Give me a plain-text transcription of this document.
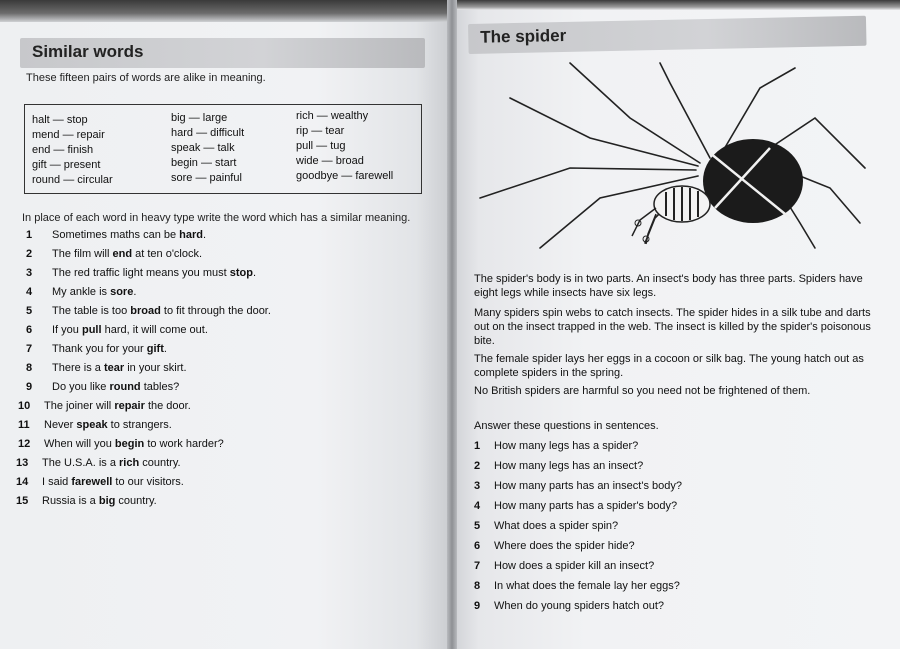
Similar words
These fifteen pairs of words are alike in meaning.
halt — stop
mend — repair
end — finish
gift — present
round — circular
big — large
hard — difficult
speak — talk
begin — start
sore — painful
rich — wealthy
rip — tear
pull — tug
wide — broad
goodbye — farewell
In place of each word in heavy type write the word which has a similar meaning.
1 Sometimes maths can be hard.
2 The film will end at ten o'clock.
3 The red traffic light means you must stop.
4 My ankle is sore.
5 The table is too broad to fit through the door.
6 If you pull hard, it will come out.
7 Thank you for your gift.
8 There is a tear in your skirt.
9 Do you like round tables?
10 The joiner will repair the door.
11 Never speak to strangers.
12 When will you begin to work harder?
13 The U.S.A. is a rich country.
14 I said farewell to our visitors.
15 Russia is a big country.
The spider
The spider's body is in two parts. An insect's body has three parts. Spiders have eight legs while insects have six legs.
Many spiders spin webs to catch insects. The spider hides in a silk tube and darts out on the insect trapped in the web. The insect is killed by the spider's poisonous bite.
The female spider lays her eggs in a cocoon or silk bag. The young hatch out as complete spiders in the spring.
No British spiders are harmful so you need not be frightened of them.
Answer these questions in sentences.
1 How many legs has a spider?
2 How many legs has an insect?
3 How many parts has an insect's body?
4 How many parts has a spider's body?
5 What does a spider spin?
6 Where does the spider hide?
7 How does a spider kill an insect?
8 In what does the female lay her eggs?
9 When do young spiders hatch out?
